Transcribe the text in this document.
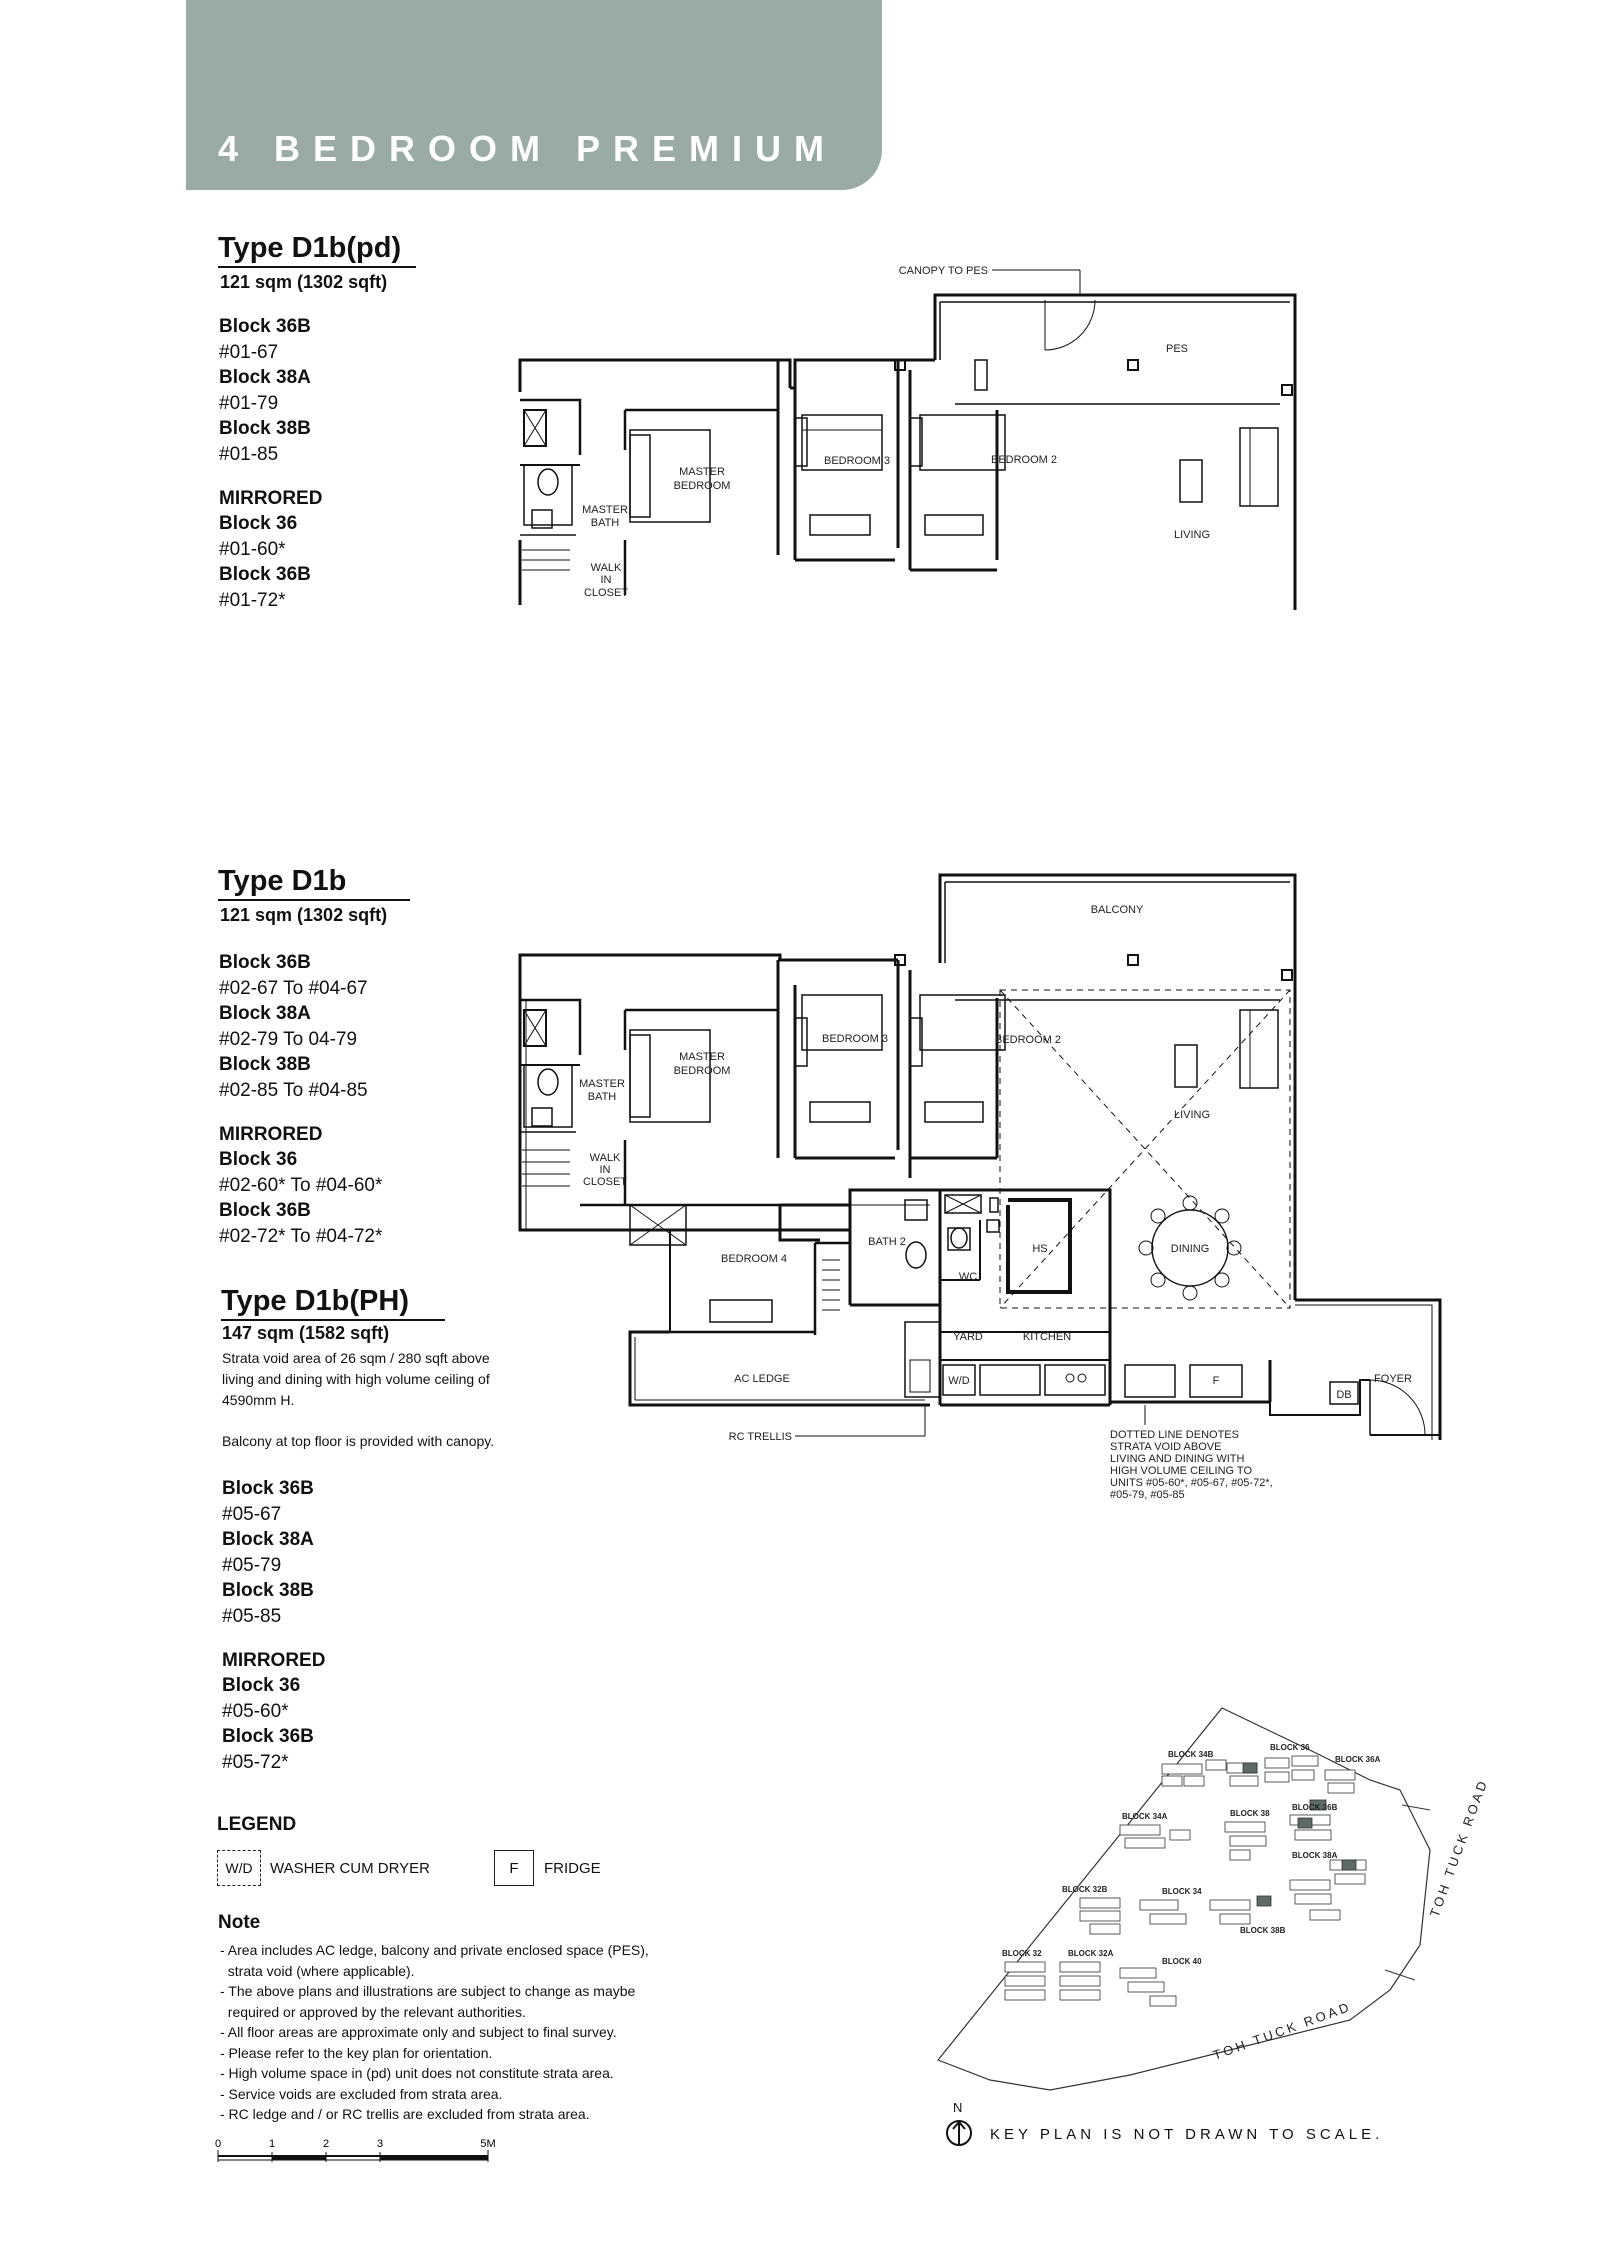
4 BEDROOM PREMIUM
Type D1b(pd)
121 sqm (1302 sqft)
Block 36B
#01-67
Block 38A
#01-79
Block 38B
#01-85
MIRRORED
Block 36
#01-60*
Block 36B
#01-72*
Type D1b
121 sqm (1302 sqft)
Block 36B
#02-67 To #04-67
Block 38A
#02-79 To 04-79
Block 38B
#02-85 To #04-85
MIRRORED
Block 36
#02-60* To #04-60*
Block 36B
#02-72* To #04-72*
Type D1b(PH)
147 sqm (1582 sqft)
Strata void area of 26 sqm / 280 sqft above
living and dining with high volume ceiling of
4590mm H.
Balcony at top floor is provided with canopy.
Block 36B
#05-67
Block 38A
#05-79
Block 38B
#05-85
MIRRORED
Block 36
#05-60*
Block 36B
#05-72*
LEGEND
W/D	WASHER CUM DRYER	F	FRIDGE
Note
- Area includes AC ledge, balcony and private enclosed space (PES),
strata void (where applicable).
- The above plans and illustrations are subject to change as maybe
required or approved by the relevant authorities.
- All floor areas are approximate only and subject to final survey.
- Please refer to the key plan for orientation.
- High volume space in (pd) unit does not constitute strata area.
- Service voids are excluded from strata area.
- RC ledge and / or RC trellis are excluded from strata area.
0	1	2	3	5M
CANOPY TO PES
PES
MASTER
BEDROOM
MASTER
BATH
WALK
IN
CLOSET
BEDROOM 3	BEDROOM 2
LIVING
BALCONY
MASTER
BEDROOM
MASTER
BATH
WALK
IN
CLOSET
BEDROOM 3	BEDROOM 2
LIVING
BEDROOM 4
BATH 2
WC
HS	DINING
YARD	KITCHEN
AC LEDGE	W/D	F	FOYER
DB
RC TRELLIS	DOTTED LINE DENOTES
STRATA VOID ABOVE
LIVING AND DINING WITH
HIGH VOLUME CEILING TO
UNITS #05-60*, #05-67, #05-72*,
#05-79, #05-85
BLOCK 36
BLOCK 36A
BLOCK 34B
BLOCK 34A	BLOCK 38
BLOCK 36B
BLOCK 38A
BLOCK 32B	BLOCK 34
BLOCK 38B
BLOCK 32	BLOCK 32A
BLOCK 40
TOH TUCK ROAD
TOH TUCK ROAD
N
KEY PLAN IS NOT DRAWN TO SCALE.
